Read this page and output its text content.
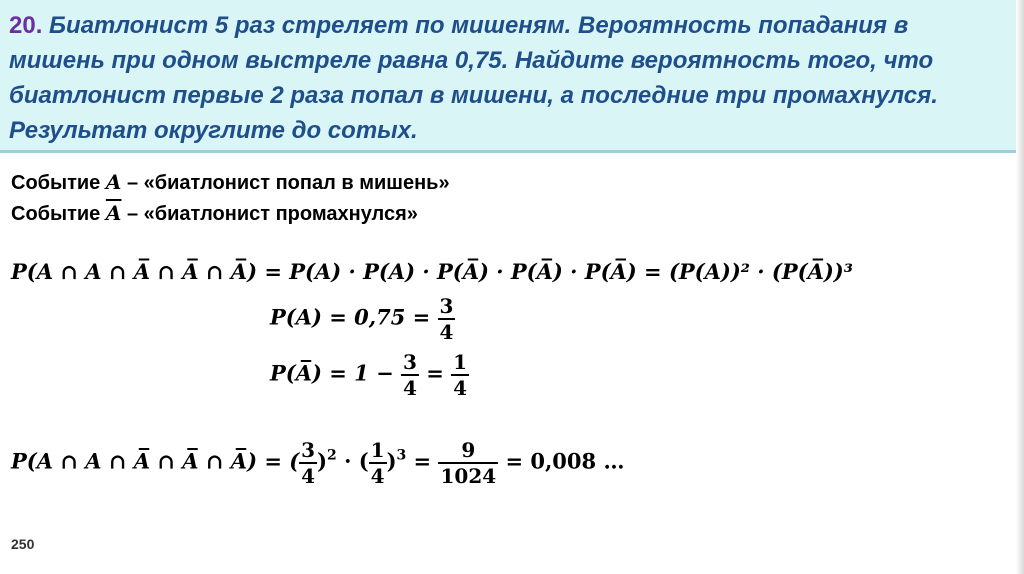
20. Биатлонист 5 раз стреляет по мишеням. Вероятность попадания в мишень при одном выстреле равна 0,75. Найдите вероятность того, что биатлонист первые 2 раза попал в мишени, а последние три промахнулся. Результат округлите до сотых.

Событие A – «биатлонист попал в мишень»
Событие $\overline{A}$ – «биатлонист промахнулся»
P(A ∩ A ∩ A̅ ∩ A̅ ∩ A̅) = P(A) · P(A) · P(A̅) · P(A̅) · P(A̅) = (P(A))² · (P(A̅))³
$P(A) = 0,75 = \frac{3}{4}$
P(A̅) = $1 - \frac{3}{4} = \frac{1}{4}$
P(A ∩ A ∩ A̅ ∩ A̅ ∩ A̅) = ( $\frac{3}{4} )^2$ · ( $\frac{1}{4} )^3 = \frac{9}{1024} = 0,008$ …
250
